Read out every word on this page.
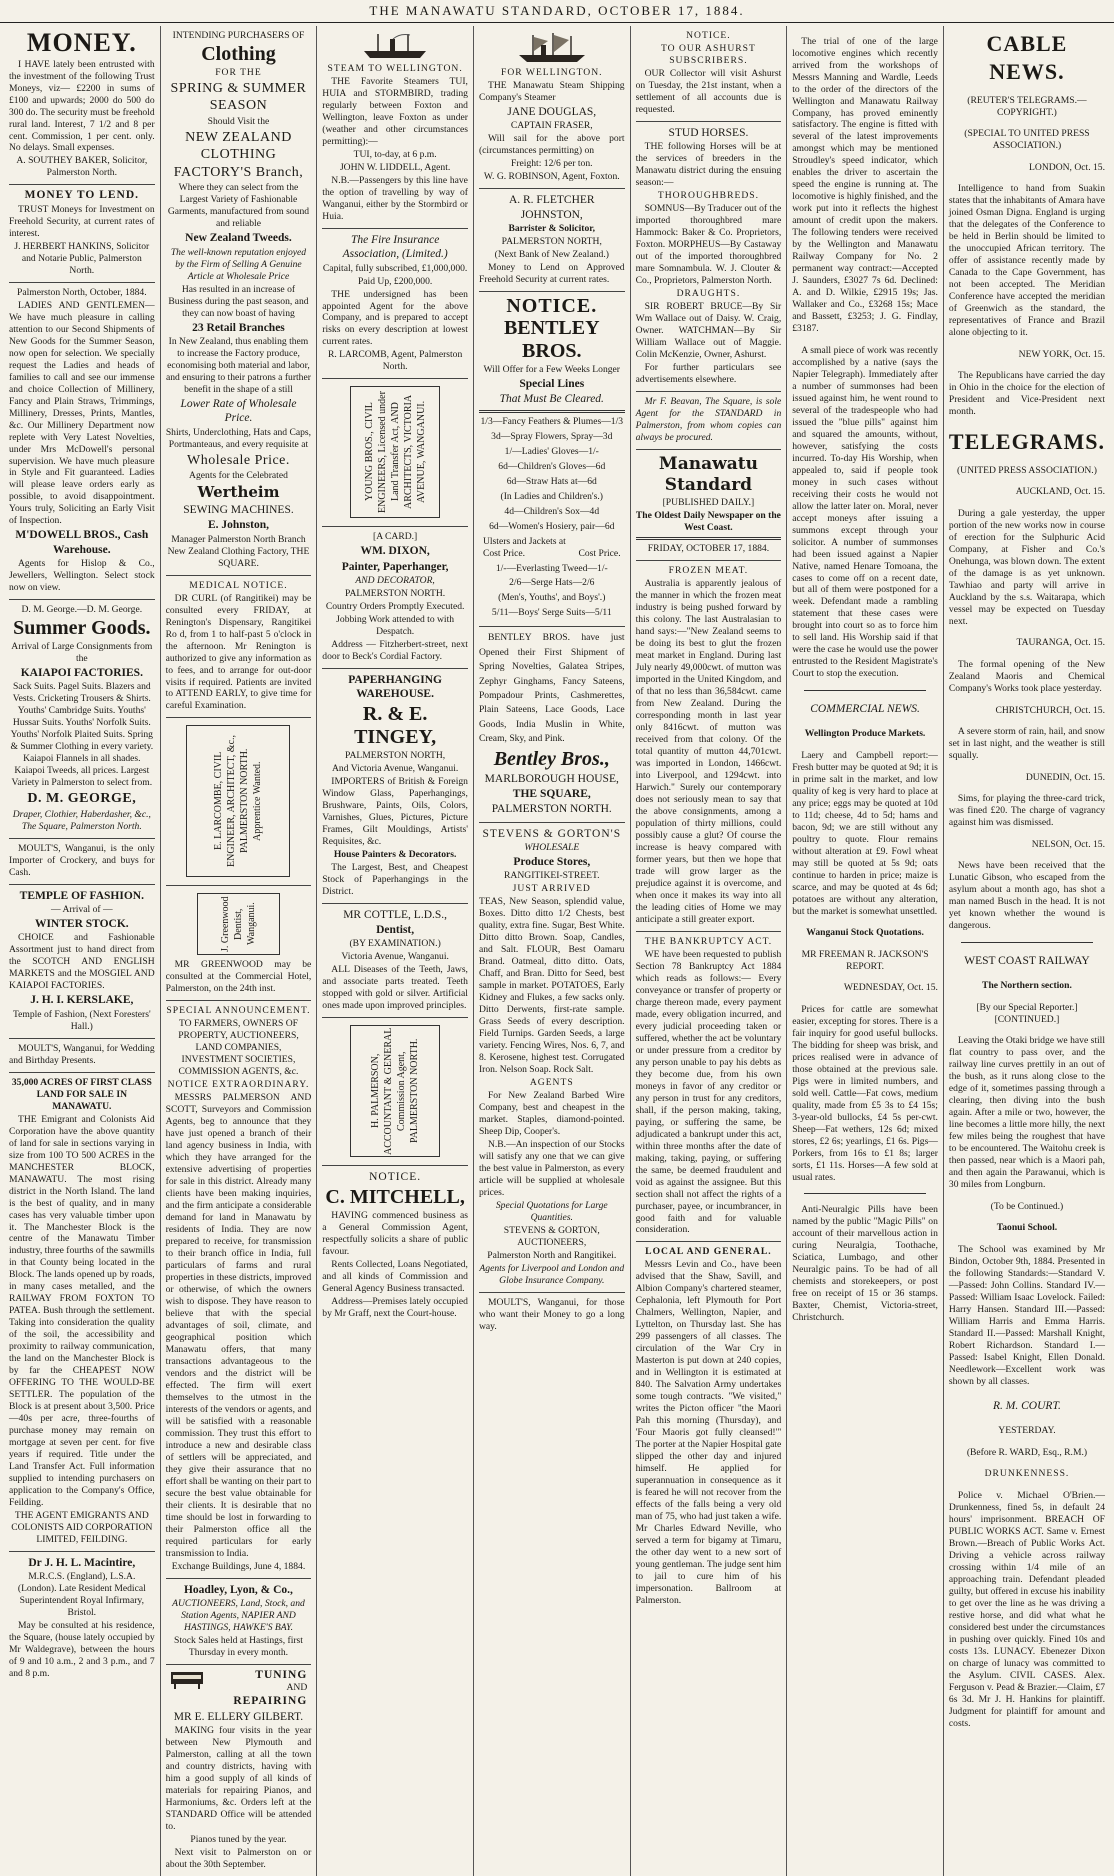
THE MANAWATU STANDARD, OCTOBER 17, 1884.
MONEY.

I HAVE lately been entrusted with the investment of the following Trust Moneys, viz— £2200 in sums of £100 and upwards; 2000 do 500 do 300 do. The security must be freehold rural land. Interest, 7 1/2 and 8 per cent. Commission, 1 per cent. only. No delays. Small expenses.

A. SOUTHEY BAKER, Solicitor, Palmerston North.

MONEY TO LEND.

TRUST Moneys for Investment on Freehold Security, at current rates of interest.

J. HERBERT HANKINS, Solicitor and Notarie Public, Palmerston North.

Palmerston North, October, 1884.

LADIES AND GENTLEMEN— We have much pleasure in calling attention to our Second Shipments of New Goods for the Summer Season, now open for selection. We specially request the Ladies and heads of families to call and see our immense and choice Collection of Millinery, Fancy and Plain Straws, Trimmings, Millinery, Dresses, Prints, Mantles, &c. Our Millinery Department now replete with Very Latest Novelties, under Mrs McDowell's personal supervision. We have much pleasure in Style and Fit guaranteed. Ladies will please leave orders early as possible, to avoid disappointment. Yours truly, Soliciting an Early Visit of Inspection.

M'DOWELL BROS., Cash Warehouse.

Agents for Hislop & Co., Jewellers, Wellington. Select stock now on view.

D. M. George.—D. M. George.

Summer Goods.

Arrival of Large Consignments from the

KAIAPOI FACTORIES.

Sack Suits. Pagel Suits. Blazers and Vests. Cricketing Trousers & Shirts. Youths' Cambridge Suits. Youths' Hussar Suits. Youths' Norfolk Suits. Youths' Norfolk Plaited Suits. Spring & Summer Clothing in every variety. Kaiapoi Flannels in all shades. Kaiapoi Tweeds, all prices. Largest Variety in Palmerston to select from.

D. M. GEORGE,

Draper, Clothier, Haberdasher, &c., The Square, Palmerston North.

MOULT'S, Wanganui, is the only Importer of Crockery, and buys for Cash.

TEMPLE OF FASHION.

— Arrival of —

WINTER STOCK.

CHOICE and Fashionable Assortment just to hand direct from the SCOTCH AND ENGLISH MARKETS and the MOSGIEL AND KAIAPOI FACTORIES.

J. H. I. KERSLAKE,

Temple of Fashion, (Next Foresters' Hall.)

MOULT'S, Wanganui, for Wedding and Birthday Presents.

35,000 ACRES OF FIRST CLASS LAND FOR SALE IN MANAWATU.

THE Emigrant and Colonists Aid Corporation have the above quantity of land for sale in sections varying in size from 100 TO 500 ACRES in the MANCHESTER BLOCK, MANAWATU. The most rising district in the North Island. The land is the best of quality, and in many cases has very valuable timber upon it. The Manchester Block is the centre of the Manawatu Timber industry, three fourths of the sawmills in that County being located in the Block. The lands opened up by roads, in many cases metalled, and the RAILWAY FROM FOXTON TO PATEA. Bush through the settlement. Taking into consideration the quality of the soil, the accessibility and proximity to railway communication, the land on the Manchester Block is by far the CHEAPEST NOW OFFERING TO THE WOULD-BE SETTLER. The population of the Block is at present about 3,500. Price—40s per acre, three-fourths of purchase money may remain on mortgage at seven per cent. for five years if required. Title under the Land Transfer Act. Full information supplied to intending purchasers on application to the Company's Office, Feilding.

THE AGENT EMIGRANTS AND COLONISTS AID CORPORATION LIMITED, FEILDING.

Dr J. H. L. Macintire,

M.R.C.S. (England), L.S.A. (London). Late Resident Medical Superintendent Royal Infirmary, Bristol.

May be consulted at his residence, the Square, (house lately occupied by Mr Waldegrave), between the hours of 9 and 10 a.m., 2 and 3 p.m., and 7 and 8 p.m.

INTENDING PURCHASERS OF

Clothing

FOR THE

SPRING & SUMMER SEASON

Should Visit the

NEW ZEALAND CLOTHING FACTORY'S Branch,

Where they can select from the Largest Variety of Fashionable Garments, manufactured from sound and reliable

New Zealand Tweeds.

The well-known reputation enjoyed by the Firm of Selling A Genuine Article at Wholesale Price

Has resulted in an increase of Business during the past season, and they can now boast of having

23 Retail Branches

In New Zealand, thus enabling them to increase the Factory produce, economising both material and labor, and ensuring to their patrons a further benefit in the shape of a still

Lower Rate of Wholesale Price.

Shirts, Underclothing, Hats and Caps, Portmanteaus, and every requisite at

Wholesale Price.

Agents for the Celebrated

Wertheim

SEWING MACHINES.

E. Johnston,

Manager Palmerston North Branch New Zealand Clothing Factory, THE SQUARE.

MEDICAL NOTICE.

DR CURL (of Rangitikei) may be consulted every FRIDAY, at Renington's Dispensary, Rangitikei Ro d, from 1 to half-past 5 o'clock in the afternoon. Mr Renington is authorized to give any information as to fees, and to arrange for out-door visits if required. Patients are invited to ATTEND EARLY, to give time for careful Examination.

E. LARCOMBE, CIVIL ENGINEER, ARCHITECT, &c., PALMERSTON NORTH. Apprentice Wanted.
J. Greenwood Dentist, Wanganui.

MR GREENWOOD may be consulted at the Commercial Hotel, Palmerston, on the 24th inst.

SPECIAL ANNOUNCEMENT.

TO FARMERS, OWNERS OF PROPERTY, AUCTIONEERS, LAND COMPANIES, INVESTMENT SOCIETIES, COMMISSION AGENTS, &c.

NOTICE EXTRAORDINARY.

MESSRS PALMERSON AND SCOTT, Surveyors and Commission Agents, beg to announce that they have just opened a branch of their land agency business in India, with which they have arranged for the extensive advertising of properties for sale in this district. Already many clients have been making inquiries, and the firm anticipate a considerable demand for land in Manawatu by residents of India. They are now prepared to receive, for transmission to their branch office in India, full particulars of farms and rural properties in these districts, improved or otherwise, of which the owners wish to dispose. They have reason to believe that with the special advantages of soil, climate, and geographical position which Manawatu offers, that many transactions advantageous to the vendors and the district will be effected. The firm will exert themselves to the utmost in the interests of the vendors or agents, and will be satisfied with a reasonable commission. They trust this effort to introduce a new and desirable class of settlers will be appreciated, and they give their assurance that no effort shall be wanting on their part to secure the best value obtainable for their clients. It is desirable that no time should be lost in forwarding to their Palmerston office all the required particulars for early transmission to India.

Exchange Buildings, June 4, 1884.

Hoadley, Lyon, & Co.,

AUCTIONEERS, Land, Stock, and Station Agents, NAPIER AND HASTINGS, HAWKE'S BAY.

Stock Sales held at Hastings, first Thursday in every month.

TUNING
AND
REPAIRING

MR E. ELLERY GILBERT.

MAKING four visits in the year between New Plymouth and Palmerston, calling at all the town and country districts, having with him a good supply of all kinds of materials for repairing Pianos, and Harmoniums, &c. Orders left at the STANDARD Office will be attended to.

Pianos tuned by the year.

Next visit to Palmerston on or about the 30th September.

STEAM TO WELLINGTON.

THE Favorite Steamers TUI, HUIA and STORMBIRD, trading regularly between Foxton and Wellington, leave Foxton as under (weather and other circumstances permitting):—

TUI, to-day, at 6 p.m.

JOHN W. LIDDELL, Agent.

N.B.—Passengers by this line have the option of travelling by way of Wanganui, either by the Stormbird or Huia.

The Fire Insurance Association, (Limited.)

Capital, fully subscribed, £1,000,000.

Paid Up, £200,000.

THE undersigned has been appointed Agent for the above Company, and is prepared to accept risks on every description at lowest current rates.

R. LARCOMB, Agent, Palmerston North.

YOUNG BROS., CIVIL ENGINEERS, Licensed under Land Transfer Act, AND ARCHITECTS, VICTORIA AVENUE, WANGANUI.

[A CARD.]

WM. DIXON,

Painter, Paperhanger,

AND DECORATOR,

PALMERSTON NORTH.

Country Orders Promptly Executed.

Jobbing Work attended to with Despatch.

Address — Fitzherbert-street, next door to Beck's Cordial Factory.

PAPERHANGING WAREHOUSE.

R. & E. TINGEY,

PALMERSTON NORTH,

And Victoria Avenue, Wanganui.

IMPORTERS of British & Foreign Window Glass, Paperhangings, Brushware, Paints, Oils, Colors, Varnishes, Glues, Pictures, Picture Frames, Gilt Mouldings, Artists' Requisites, &c.

House Painters & Decorators.

The Largest, Best, and Cheapest Stock of Paperhangings in the District.

MR COTTLE, L.D.S.,

Dentist,

(BY EXAMINATION.)

Victoria Avenue, Wanganui.

ALL Diseases of the Teeth, Jaws, and associate parts treated. Teeth stopped with gold or silver. Artificial ones made upon improved principles.

H. PALMERSON, ACCOUNTANT & GENERAL Commission Agent, PALMERSTON NORTH.

NOTICE.

C. MITCHELL,

HAVING commenced business as a General Commission Agent, respectfully solicits a share of public favour.

Rents Collected, Loans Negotiated, and all kinds of Commission and General Agency Business transacted.

Address—Premises lately occupied by Mr Graff, next the Court-house.

FOR WELLINGTON.

THE Manawatu Steam Shipping Company's Steamer

JANE DOUGLAS,

CAPTAIN FRASER,

Will sail for the above port (circumstances permitting) on

Freight: 12/6 per ton.

W. G. ROBINSON, Agent, Foxton.

A. R. FLETCHER JOHNSTON,

Barrister & Solicitor,

PALMERSTON NORTH,

(Next Bank of New Zealand.)

Money to Lend on Approved Freehold Security at current rates.

NOTICE.
BENTLEY BROS.

Will Offer for a Few Weeks Longer

Special Lines

That Must Be Cleared.

1/3—Fancy Feathers & Plumes—1/3

3d—Spray Flowers, Spray—3d

1/—Ladies' Gloves—1/-

6d—Children's Gloves—6d

6d—Straw Hats at—6d

(In Ladies and Children's.)

4d—Children's Sox—4d

6d—Women's Hosiery, pair—6d

Ulsters and Jackets at
Cost Price.	Cost Price.

1/-—Everlasting Tweed—1/-

2/6—Serge Hats—2/6

(Men's, Youths', and Boys'.)

5/11—Boys' Serge Suits—5/11

BENTLEY BROS. have just Opened their First Shipment of Spring Novelties, Galatea Stripes, Zephyr Ginghams, Fancy Sateens, Pompadour Prints, Cashmerettes, Plain Sateens, Lace Goods, Lace Goods, India Muslin in White, Cream, Sky, and Pink.

Bentley Bros.,

MARLBOROUGH HOUSE,

THE SQUARE,

PALMERSTON NORTH.

STEVENS & GORTON'S

WHOLESALE

Produce Stores,

RANGITIKEI-STREET.

JUST ARRIVED

TEAS, New Season, splendid value, Boxes. Ditto ditto 1/2 Chests, best quality, extra fine. Sugar, Best White. Ditto ditto Brown. Soap, Candles, and Salt. FLOUR, Best Oamaru Brand. Oatmeal, ditto ditto. Oats, Chaff, and Bran. Ditto for Seed, best sample in market. POTATOES, Early Kidney and Flukes, a few sacks only. Ditto Derwents, first-rate sample. Grass Seeds of every description. Field Turnips. Garden Seeds, a large variety. Fencing Wires, Nos. 6, 7, and 8. Kerosene, highest test. Corrugated Iron. Nelson Soap. Rock Salt.

AGENTS

For New Zealand Barbed Wire Company, best and cheapest in the market. Staples, diamond-pointed. Sheep Dip, Cooper's.

N.B.—An inspection of our Stocks will satisfy any one that we can give the best value in Palmerston, as every article will be supplied at wholesale prices.

Special Quotations for Large Quantities.

STEVENS & GORTON, AUCTIONEERS,

Palmerston North and Rangitikei.

Agents for Liverpool and London and Globe Insurance Company.

MOULT'S, Wanganui, for those who want their Money to go a long way.

NOTICE.

TO OUR ASHURST SUBSCRIBERS.

OUR Collector will visit Ashurst on Tuesday, the 21st instant, when a settlement of all accounts due is requested.

STUD HORSES.

THE following Horses will be at the services of breeders in the Manawatu district during the ensuing season:—

THOROUGHBREDS.

SOMNUS—By Traducer out of the imported thoroughbred mare Hammock: Baker & Co. Proprietors, Foxton. MORPHEUS—By Castaway out of the imported thoroughbred mare Somnambula. W. J. Clouter & Co., Proprietors, Palmerston North.

DRAUGHTS.

SIR ROBERT BRUCE—By Sir Wm Wallace out of Daisy. W. Craig, Owner. WATCHMAN—By Sir William Wallace out of Maggie. Colin McKenzie, Owner, Ashurst.

For further particulars see advertisements elsewhere.

Mr F. Beavan, The Square, is sole Agent for the STANDARD in Palmerston, from whom copies can always be procured.

Manawatu Standard

[PUBLISHED DAILY.]

The Oldest Daily Newspaper on the West Coast.

FRIDAY, OCTOBER 17, 1884.

FROZEN MEAT.

Australia is apparently jealous of the manner in which the frozen meat industry is being pushed forward by this colony. The last Australasian to hand says:—"New Zealand seems to be doing its best to glut the frozen meat market in England. During last July nearly 49,000cwt. of mutton was imported in the United Kingdom, and of that no less than 36,584cwt. came from New Zealand. During the corresponding month in last year only 8416cwt. of mutton was received from that colony. Of the total quantity of mutton 44,701cwt. was imported in London, 1466cwt. into Liverpool, and 1294cwt. into Harwich." Surely our contemporary does not seriously mean to say that the above consignments, among a population of thirty millions, could possibly cause a glut? Of course the increase is heavy compared with former years, but then we hope that trade will grow larger as the prejudice against it is overcome, and when once it makes its way into all the leading cities of Home we may anticipate a still greater export.

THE BANKRUPTCY ACT.

WE have been requested to publish Section 78 Bankruptcy Act 1884 which reads as follows:— Every conveyance or transfer of property or charge thereon made, every payment made, every obligation incurred, and every judicial proceeding taken or suffered, whether the act be voluntary or under pressure from a creditor by any person unable to pay his debts as they become due, from his own moneys in favor of any creditor or any person in trust for any creditors, shall, if the person making, taking, paying, or suffering the same, be adjudicated a bankrupt under this act, within three months after the date of making, taking, paying, or suffering the same, be deemed fraudulent and void as against the assignee. But this section shall not affect the rights of a purchaser, payee, or incumbrancer, in good faith and for valuable consideration.

LOCAL AND GENERAL.

Messrs Levin and Co., have been advised that the Shaw, Savill, and Albion Company's chartered steamer, Cephalonia, left Plymouth for Port Chalmers, Wellington, Napier, and Lyttelton, on Thursday last. She has 299 passengers of all classes. The circulation of the War Cry in Masterton is put down at 240 copies, and in Wellington it is estimated at 840. The Salvation Army undertakes some tough contracts. "We visited," writes the Picton officer "the Maori Pah this morning (Thursday), and 'Four Maoris got fully cleansed!'" The porter at the Napier Hospital gate slipped the other day and injured himself. He applied for superannuation in consequence as it is feared he will not recover from the effects of the falls being a very old man of 75, who had just taken a wife. Mr Charles Edward Neville, who served a term for bigamy at Timaru, the other day went to a new sort of young gentleman. The judge sent him to jail to cure him of his impersonation. Ballroom at Palmerston.

The trial of one of the large locomotive engines which recently arrived from the workshops of Messrs Manning and Wardle, Leeds to the order of the directors of the Wellington and Manawatu Railway Company, has proved eminently satisfactory. The engine is fitted with several of the latest improvements amongst which may be mentioned Stroudley's speed indicator, which enables the driver to ascertain the speed the engine is running at. The locomotive is highly finished, and the work put into it reflects the highest amount of credit upon the makers. The following tenders were received by the Wellington and Manawatu Railway Company for No. 2 permanent way contract:—Accepted J. Saunders, £3027 7s 6d. Declined: A. and D. Wilkie, £2915 19s; Jas. Wallaker and Co., £3268 15s; Mace and Bassett, £3253; J. G. Findlay, £3187.

A small piece of work was recently accomplished by a native (says the Napier Telegraph). Immediately after a number of summonses had been issued against him, he went round to several of the tradespeople who had issued the "blue pills" against him and squared the amounts, without, however, satisfying the costs incurred. To-day His Worship, when appealed to, said if people took money in such cases without receiving their costs he would not allow the latter later on. Moral, never accept moneys after issuing a summons except through your solicitor. A number of summonses had been issued against a Napier Native, named Henare Tomoana, the cases to come off on a recent date, but all of them were postponed for a week. Defendant made a rambling statement that these cases were brought into court so as to force him to sell land. His Worship said if that were the case he would use the power entrusted to the Resident Magistrate's Court to stop the execution.

COMMERCIAL NEWS.

Wellington Produce Markets.

Laery and Campbell report:—Fresh butter may be quoted at 9d; it is in prime salt in the market, and low quality of keg is very hard to place at any price; eggs may be quoted at 10d to 11d; cheese, 4d to 5d; hams and bacon, 9d; we are still without any poultry to quote. Flour remains without alteration at £9. Fowl wheat may still be quoted at 5s 9d; oats continue to harden in price; maize is scarce, and may be quoted at 4s 6d; potatoes are without any alteration, but the market is somewhat unsettled.

Wanganui Stock Quotations.

MR FREEMAN R. JACKSON'S REPORT.

WEDNESDAY, Oct. 15.

Prices for cattle are somewhat easier, excepting for stores. There is a fair inquiry for good useful bullocks. The bidding for sheep was brisk, and prices realised were in advance of those obtained at the previous sale. Pigs were in limited numbers, and sold well. Cattle—Fat cows, medium quality, made from £5 3s to £4 15s; 3-year-old bullocks, £4 5s per-cwt. Sheep—Fat wethers, 12s 6d; mixed stores, £2 6s; yearlings, £1 6s. Pigs—Porkers, from 16s to £1 8s; larger sorts, £1 11s. Horses—A few sold at usual rates.

Anti-Neuralgic Pills have been named by the public "Magic Pills" on account of their marvellous action in curing Neuralgia, Toothache, Sciatica, Lumbago, and other Neuralgic pains. To be had of all chemists and storekeepers, or post free on receipt of 15 or 36 stamps. Baxter, Chemist, Victoria-street, Christchurch.

CABLE NEWS.

(REUTER'S TELEGRAMS.—COPYRIGHT.)

(SPECIAL TO UNITED PRESS ASSOCIATION.)

LONDON, Oct. 15.

Intelligence to hand from Suakin states that the inhabitants of Amara have joined Osman Digna. England is urging that the delegates of the Conference to be held in Berlin should be limited to the unoccupied African territory. The offer of assistance recently made by Canada to the Cape Government, has not been accepted. The Meridian Conference have accepted the meridian of Greenwich as the standard, the representatives of France and Brazil alone objecting to it.

NEW YORK, Oct. 15.

The Republicans have carried the day in Ohio in the choice for the election of President and Vice-President next month.

TELEGRAMS.

(UNITED PRESS ASSOCIATION.)

AUCKLAND, Oct. 15.

During a gale yesterday, the upper portion of the new works now in course of erection for the Sulphuric Acid Company, at Fisher and Co.'s Onehunga, was blown down. The extent of the damage is as yet unknown. Tawhiao and party will arrive in Auckland by the s.s. Waitarapa, which vessel may be expected on Tuesday next.

TAURANGA, Oct. 15.

The formal opening of the New Zealand Maoris and Chemical Company's Works took place yesterday.

CHRISTCHURCH, Oct. 15.

A severe storm of rain, hail, and snow set in last night, and the weather is still squally.

DUNEDIN, Oct. 15.

Sims, for playing the three-card trick, was fined £20. The charge of vagrancy against him was dismissed.

NELSON, Oct. 15.

News have been received that the Lunatic Gibson, who escaped from the asylum about a month ago, has shot a man named Busch in the head. It is not yet known whether the wound is dangerous.

WEST COAST RAILWAY

The Northern section.

[By our Special Reporter.] [CONTINUED.]

Leaving the Otaki bridge we have still flat country to pass over, and the railway line curves prettily in an out of the bush, as it runs along close to the edge of it, sometimes passing through a clearing, then diving into the bush again. After a mile or two, however, the line becomes a little more hilly, the next few miles being the roughest that have to be encountered. The Waitohu creek is then passed, near which is a Maori pah, and then again the Parawanui, which is 30 miles from Longburn.

(To be Continued.)

Taonui School.

The School was examined by Mr Bindon, October 9th, 1884. Presented in the following Standards:—Standard V.—Passed: John Collins. Standard IV.—Passed: William Isaac Lovelock. Failed: Harry Hansen. Standard III.—Passed: William Harris and Emma Harris. Standard II.—Passed: Marshall Knight, Robert Richardson. Standard I.—Passed: Isabel Knight, Ellen Donald. Needlework—Excellent work was shown by all classes.

R. M. COURT.

YESTERDAY.

(Before R. WARD, Esq., R.M.)

DRUNKENNESS.

Police v. Michael O'Brien.—Drunkenness, fined 5s, in default 24 hours' imprisonment. BREACH OF PUBLIC WORKS ACT. Same v. Ernest Brown.—Breach of Public Works Act. Driving a vehicle across railway crossing within 1/4 mile of an approaching train. Defendant pleaded guilty, but offered in excuse his inability to get over the line as he was driving a restive horse, and did what what he considered best under the circumstances in pushing over quickly. Fined 10s and costs 13s. LUNACY. Ebenezer Dixon on charge of lunacy was committed to the Asylum. CIVIL CASES. Alex. Ferguson v. Pead & Brazier.—Claim, £7 6s 3d. Mr J. H. Hankins for plaintiff. Judgment for plaintiff for amount and costs.
